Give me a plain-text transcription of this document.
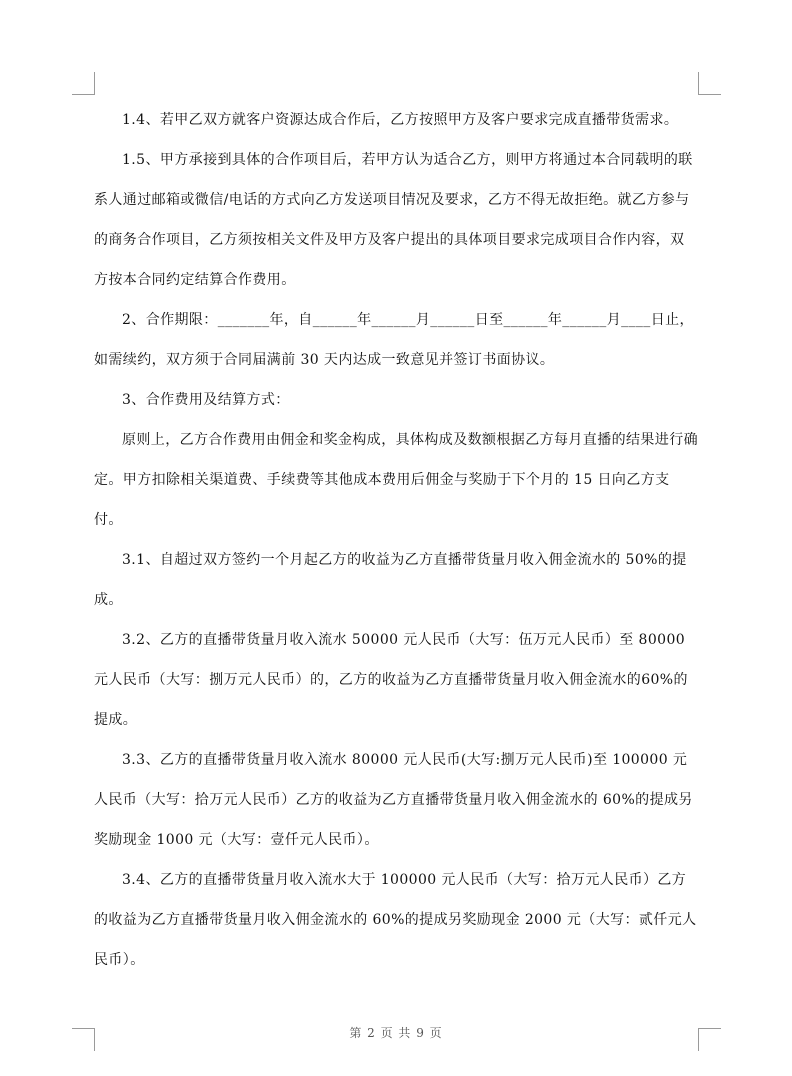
1.4、若甲乙双方就客户资源达成合作后，乙方按照甲方及客户要求完成直播带货需求。

1.5、甲方承接到具体的合作项目后，若甲方认为适合乙方，则甲方将通过本合同载明的联系人通过邮箱或微信/电话的方式向乙方发送项目情况及要求，乙方不得无故拒绝。就乙方参与的商务合作项目，乙方须按相关文件及甲方及客户提出的具体项目要求完成项目合作内容，双方按本合同约定结算合作费用。

2、合作期限：_______年，自______年______月______日至______年______月____日止，如需续约，双方须于合同届满前 30 天内达成一致意见并签订书面协议。

3、合作费用及结算方式：

原则上，乙方合作费用由佣金和奖金构成，具体构成及数额根据乙方每月直播的结果进行确定。甲方扣除相关渠道费、手续费等其他成本费用后佣金与奖励于下个月的 15 日向乙方支付。

3.1、自超过双方签约一个月起乙方的收益为乙方直播带货量月收入佣金流水的 50%的提成。

3.2、乙方的直播带货量月收入流水 50000 元人民币（大写：伍万元人民币）至 80000 元人民币（大写：捌万元人民币）的，乙方的收益为乙方直播带货量月收入佣金流水的60%的提成。

3.3、乙方的直播带货量月收入流水 80000 元人民币(大写:捌万元人民币)至 100000 元人民币（大写：拾万元人民币）乙方的收益为乙方直播带货量月收入佣金流水的 60%的提成另奖励现金 1000 元（大写：壹仟元人民币）。

3.4、乙方的直播带货量月收入流水大于 100000 元人民币（大写：拾万元人民币）乙方的收益为乙方直播带货量月收入佣金流水的 60%的提成另奖励现金 2000 元（大写：贰仟元人民币）。

第 2 页 共 9 页
